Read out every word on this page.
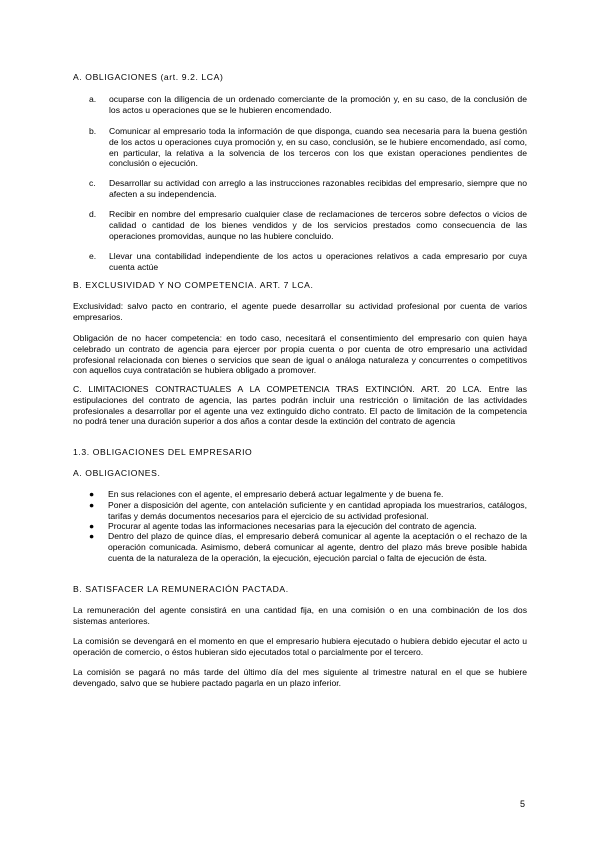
A. OBLIGACIONES (art. 9.2. LCA)
a.	ocuparse con la diligencia de un ordenado comerciante de la promoción y, en su caso, de la conclusión de los actos u operaciones que se le hubieren encomendado.
b.	Comunicar al empresario toda la información de que disponga, cuando sea necesaria para la buena gestión de los actos u operaciones cuya promoción y, en su caso, conclusión, se le hubiere encomendado, así como, en particular, la relativa a la solvencia de los terceros con los que existan operaciones pendientes de conclusión o ejecución.
c.	Desarrollar su actividad con arreglo a las instrucciones razonables recibidas del empresario, siempre que no afecten a su independencia.
d.	Recibir en nombre del empresario cualquier clase de reclamaciones de terceros sobre defectos o vicios de calidad o cantidad de los bienes vendidos y de los servicios prestados como consecuencia de las operaciones promovidas, aunque no las hubiere concluido.
e.	Llevar una contabilidad independiente de los actos u operaciones relativos a cada empresario por cuya cuenta actúe
B. EXCLUSIVIDAD Y NO COMPETENCIA. ART. 7 LCA.
Exclusividad: salvo pacto en contrario, el agente puede desarrollar su actividad profesional por cuenta de varios empresarios.
Obligación de no hacer competencia: en todo caso, necesitará el consentimiento del empresario con quien haya celebrado un contrato de agencia para ejercer por propia cuenta o por cuenta de otro empresario una actividad profesional relacionada con bienes o servicios que sean de igual o análoga naturaleza y concurrentes o competitivos con aquellos cuya contratación se hubiera obligado a promover.
C. LIMITACIONES CONTRACTUALES A LA COMPETENCIA TRAS EXTINCIÓN. ART. 20 LCA. Entre las estipulaciones del contrato de agencia, las partes podrán incluir una restricción o limitación de las actividades profesionales a desarrollar por el agente una vez extinguido dicho contrato. El pacto de limitación de la competencia no podrá tener una duración superior a dos años a contar desde la extinción del contrato de agencia
1.3. OBLIGACIONES DEL EMPRESARIO
A. OBLIGACIONES.
● En sus relaciones con el agente, el empresario deberá actuar legalmente y de buena fe.
● Poner a disposición del agente, con antelación suficiente y en cantidad apropiada los muestrarios, catálogos, tarifas y demás documentos necesarios para el ejercicio de su actividad profesional.
● Procurar al agente todas las informaciones necesarias para la ejecución del contrato de agencia.
● Dentro del plazo de quince días, el empresario deberá comunicar al agente la aceptación o el rechazo de la operación comunicada. Asimismo, deberá comunicar al agente, dentro del plazo más breve posible habida cuenta de la naturaleza de la operación, la ejecución, ejecución parcial o falta de ejecución de ésta.
B. SATISFACER LA REMUNERACIÓN PACTADA.
La remuneración del agente consistirá en una cantidad fija, en una comisión o en una combinación de los dos sistemas anteriores.
La comisión se devengará en el momento en que el empresario hubiera ejecutado o hubiera debido ejecutar el acto u operación de comercio, o éstos hubieran sido ejecutados total o parcialmente por el tercero.
La comisión se pagará no más tarde del último día del mes siguiente al trimestre natural en el que se hubiere devengado, salvo que se hubiere pactado pagarla en un plazo inferior.
5
